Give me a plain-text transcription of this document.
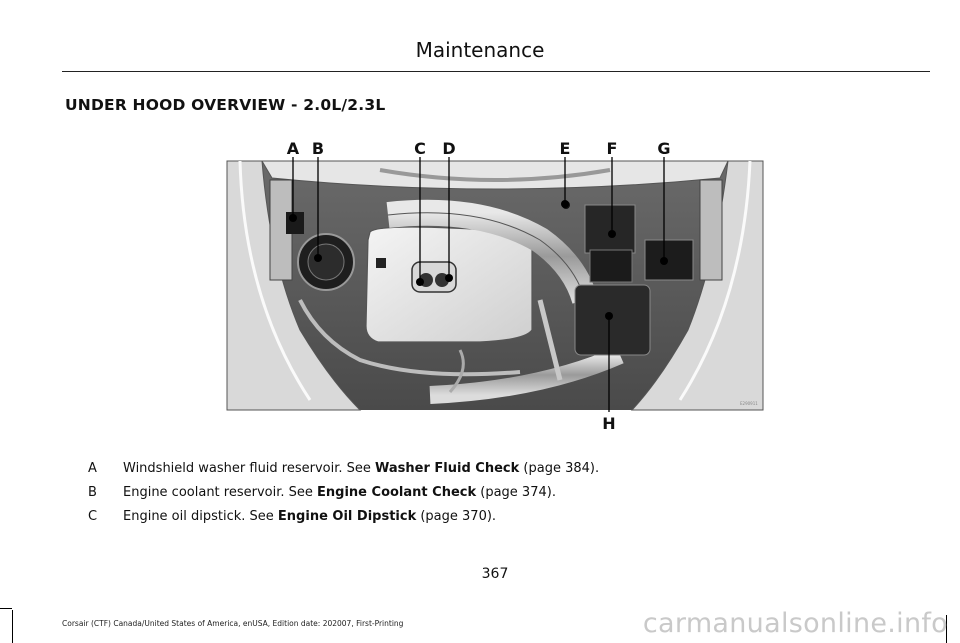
Maintenance
UNDER HOOD OVERVIEW - 2.0L/2.3L
A B	C D	E F G
H
E290911
A	Windshield washer fluid reservoir. See Washer Fluid Check (page 384).
B	Engine coolant reservoir. See Engine Coolant Check (page 374).
C	Engine oil dipstick. See Engine Oil Dipstick (page 370).
367
Corsair (CTF) Canada/United States of America, enUSA, Edition date: 202007, First-Printing	carmanualsonline.info
